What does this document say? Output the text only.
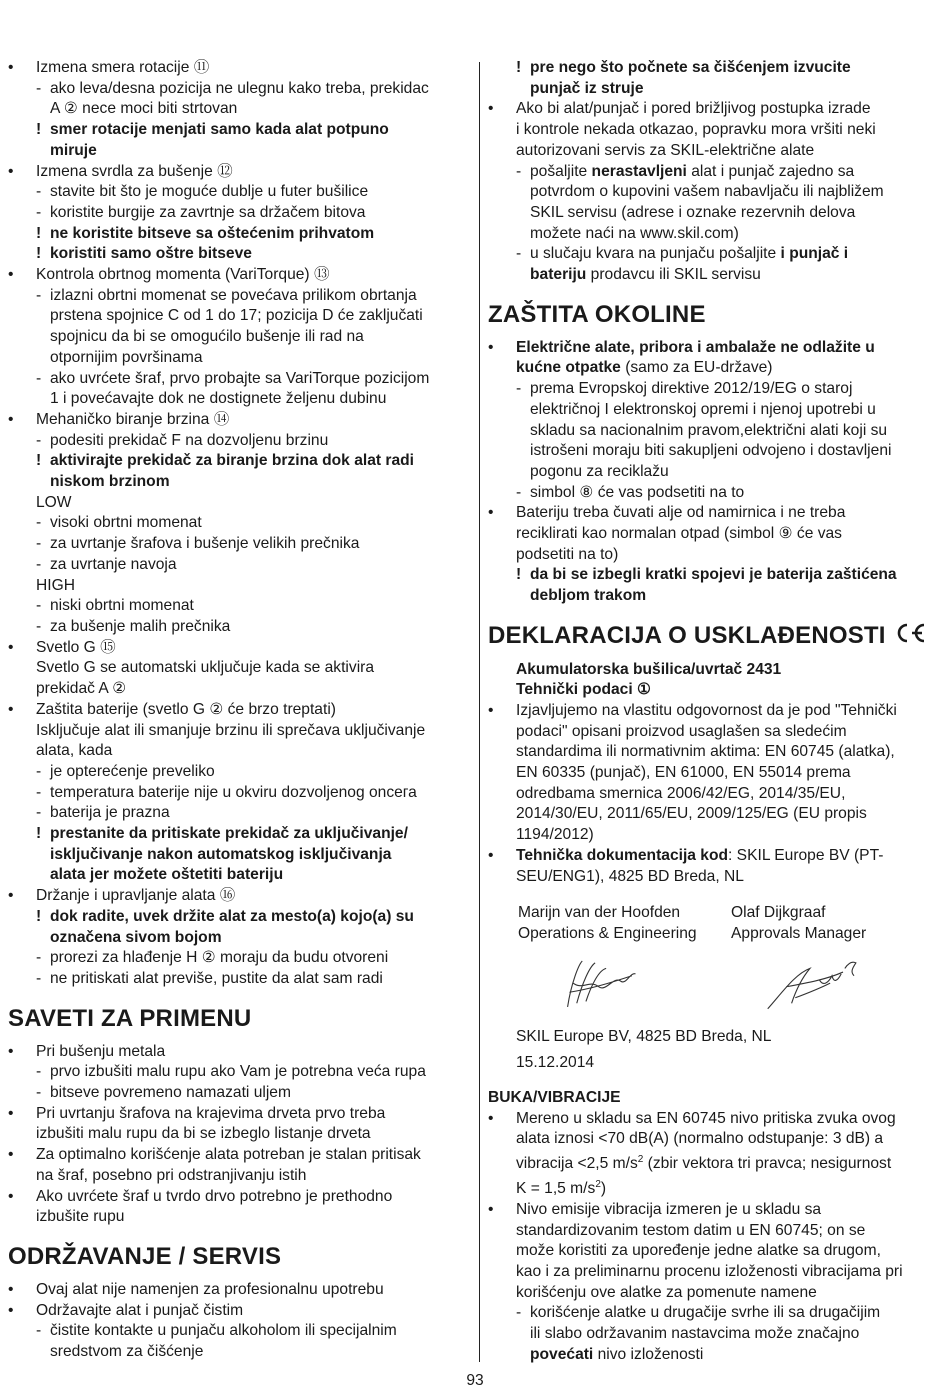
• Izmena smera rotacije ⑪
- ako leva/desna pozicija ne ulegnu kako treba, prekidac
A ② nece moci biti strtovan
! smer rotacije menjati samo kada alat potpuno
miruje
• Izmena svrdla za bušenje ⑫
- stavite bit što je moguće dublje u futer bušilice
- koristite burgije za zavrtnje sa držačem bitova
! ne koristite bitseve sa oštećenim prihvatom
! koristiti samo oštre bitseve
• Kontrola obrtnog momenta (VariTorque) ⑬
- izlazni obrtni momenat se povećava prilikom obrtanja
prstena spojnice C od 1 do 17; pozicija D će zaključati
spojnicu da bi se omogućilo bušenje ili rad na
otpornijim površinama
- ako uvrćete šraf, prvo probajte sa VariTorque pozicijom
1 i povećavajte dok ne dostignete željenu dubinu
• Mehaničko biranje brzina ⑭
- podesiti prekidač F na dozvoljenu brzinu
! aktivirajte prekidač za biranje brzina dok alat radi
niskom brzinom
LOW
- visoki obrtni momenat
- za uvrtanje šrafova i bušenje velikih prečnika
- za uvrtanje navoja
HIGH
- niski obrtni momenat
- za bušenje malih prečnika
• Svetlo G ⑮
Svetlo G se automatski uključuje kada se aktivira
prekidač A ②
• Zaštita baterije (svetlo G ② će brzo treptati)
Isključuje alat ili smanjuje brzinu ili sprečava uključivanje
alata, kada
- je opterećenje preveliko
- temperatura baterije nije u okviru dozvoljenog оnсега
- baterija je prazna
! prestanite da pritiskate prekidač za uključivanje/
isključivanje nakon automatskog isključivanja
alata jer možete oštetiti bateriju
• Držanje i upravljanje alata ⑯
! dok radite, uvek držite alat za mesto(a) kojo(a) su
označena sivom bojom
- prorezi za hlađenje H ② moraju da budu otvoreni
- ne pritiskati alat previše, pustite da alat sam radi
SAVETI ZA PRIMENU
• Pri bušenju metala
- prvo izbušiti malu rupu ako Vam je potrebna veća rupa
- bitseve povremeno namazati uljem
• Pri uvrtanju šrafova na krajevima drveta prvo treba
izbušiti malu rupu da bi se izbeglo listanje drveta
• Za optimalno korišćenje alata potreban je stalan pritisak
na šraf, posebno pri odstranjivanju istih
• Ako uvrćete šraf u tvrdo drvo potrebno je prethodno
izbušite rupu
ODRŽAVANJE / SERVIS
• Ovaj alat nije namenjen za profesionalnu upotrebu
• Održavajte alat i punjač čistim
- čistite kontakte u punjaču alkoholom ili specijalnim
sredstvom za čišćenje
! pre nego što počnete sa čišćenjem izvucite
punjač iz struje
• Ako bi alat/punjač i pored brižljivog postupka izrade
i kontrole nekada otkazao, popravku mora vršiti neki
autorizovani servis za SKIL-električne alate
- pošaljite nerastavljeni alat i punjač zajedno sa
potvrdom o kupovini vašem nabavljaču ili najbližem
SKIL servisu (adrese i oznake rezervnih delova
možete naći na www.skil.com)
- u slučaju kvara na punjaču pošaljite i punjač i
bateriju prodavcu ili SKIL servisu
ZAŠTITA OKOLINE
• Električne alate, pribora i ambalaže ne odlažite u
kućne otpatke (samo za EU-države)
- prema Evropskoj direktive 2012/19/EG o staroj
električnoj I elektronskoj opremi i njenoj upotrebi u
skladu sa nacionalnim pravom,električni alati koji su
istrošeni moraju biti sakupljeni odvojeno i dostavljeni
pogonu za reciklažu
- simbol ⑧ će vas podsetiti na to
• Bateriju treba čuvati alje od namirnica i ne treba
reciklirati kao normalan otpad (simbol ⑨ će vas
podsetiti na to)
! da bi se izbegli kratki spojevi je baterija zaštićena
debljom trakom
DEKLARACIJA O USKLAĐENOSTI
Akumulatorska bušilica/uvrtač 2431
Tehnički podaci ①
• Izjavljujemo na vlastitu odgovornost da je pod "Tehnički
podaci" opisani proizvod usaglašen sa sledećim
standardima ili normativnim aktima: EN 60745 (alatka),
EN 60335 (punjač), EN 61000, EN 55014 prema
odredbama smernica 2006/42/EG, 2014/35/EU,
2014/30/EU, 2011/65/EU, 2009/125/EG (EU propis
1194/2012)
• Tehnička dokumentacija kod: SKIL Europe BV (PT-
SEU/ENG1), 4825 BD Breda, NL
Marijn van der Hoofden	Olaf Dijkgraaf
Operations & Engineering	Approvals Manager
SKIL Europe BV, 4825 BD Breda, NL
15.12.2014
BUKA/VIBRACIJE
• Mereno u skladu sa EN 60745 nivo pritiska zvuka ovog
alata iznosi <70 dB(A) (normalno odstupanje: 3 dB) a
vibracija <2,5 $m/s^2$ (zbir vektora tri pravca; nesigurnost
K = 1,5 $m/s^2$)
• Nivo emisije vibracija izmeren je u skladu sa
standardizovanim testom datim u EN 60745; on se
može koristiti za upoređenje jedne alatke sa drugom,
kao i za preliminarnu procenu izloženosti vibracijama pri
korišćenju ove alatke za pomenute namene
- korišćenje alatke u drugačije svrhe ili sa drugačijim
ili slabo održavanim nastavcima može značajno
povećati nivo izloženosti
93
